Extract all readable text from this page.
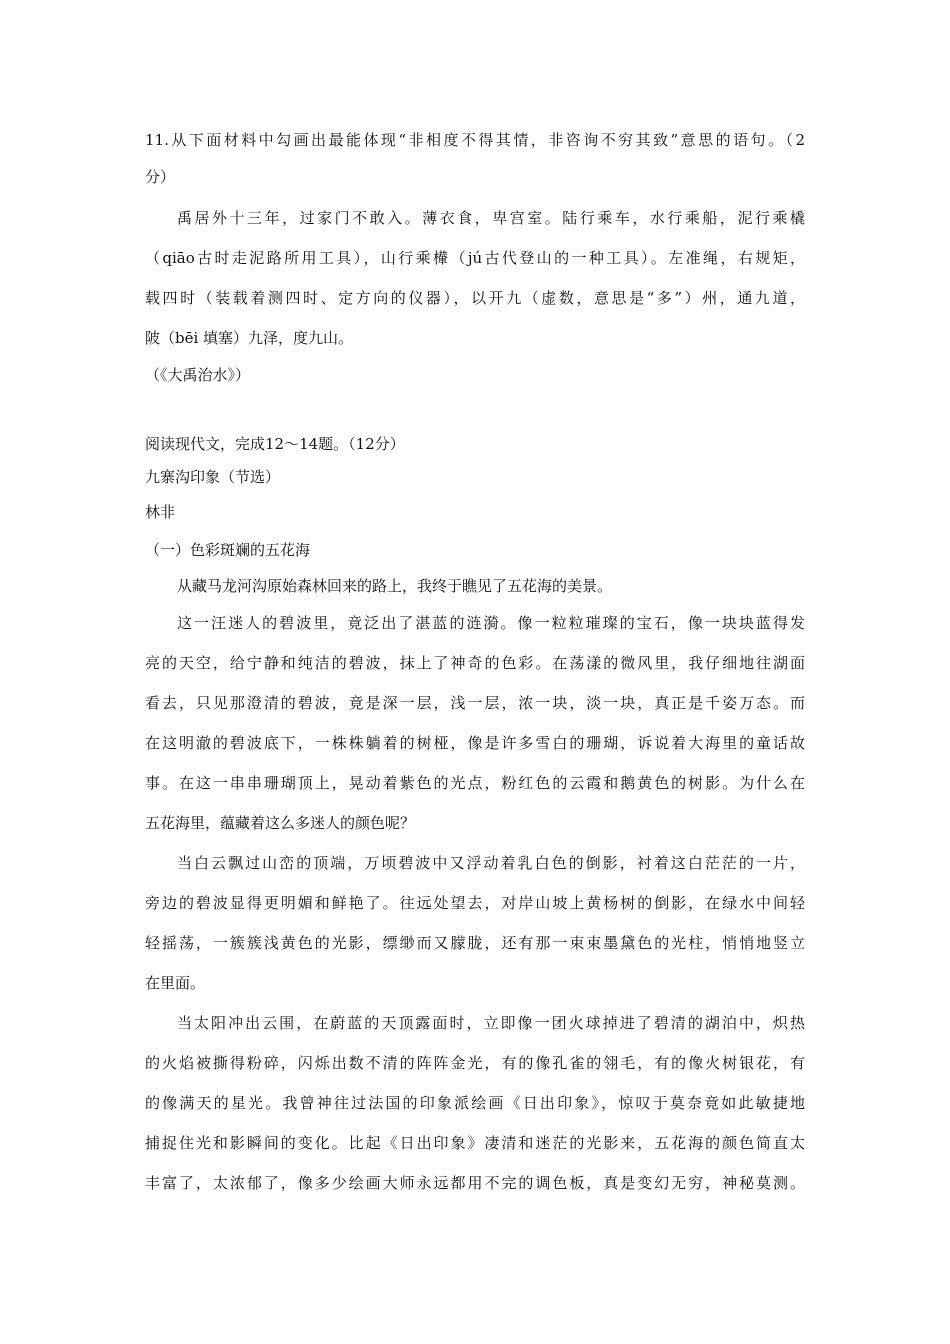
11.从下面材料中勾画出最能体现“非相度不得其情，非咨询不穷其致”意思的语句。（2
分）
禹居外十三年，过家门不敢入。薄衣食，卑宫室。陆行乘车，水行乘船，泥行乘橇
（qiāo古时走泥路所用工具），山行乘檋（jú古代登山的一种工具）。左准绳，右规矩，
载四时（装载着测四时、定方向的仪器），以开九（虚数，意思是“多”）州，通九道，
陂（bēi 填塞）九泽，度九山。
（《大禹治水》）
阅读现代文，完成12～14题。（12分）
九寨沟印象（节选）
林非
（一）色彩斑斓的五花海
从藏马龙河沟原始森林回来的路上，我终于瞧见了五花海的美景。
这一汪迷人的碧波里，竟泛出了湛蓝的涟漪。像一粒粒璀璨的宝石，像一块块蓝得发
亮的天空，给宁静和纯洁的碧波，抹上了神奇的色彩。在荡漾的微风里，我仔细地往湖面
看去，只见那澄清的碧波，竟是深一层，浅一层，浓一块，淡一块，真正是千姿万态。而
在这明澈的碧波底下，一株株躺着的树桠，像是许多雪白的珊瑚，诉说着大海里的童话故
事。在这一串串珊瑚顶上，晃动着紫色的光点，粉红色的云霞和鹅黄色的树影。为什么在
五花海里，蕴藏着这么多迷人的颜色呢？
当白云飘过山峦的顶端，万顷碧波中又浮动着乳白色的倒影，衬着这白茫茫的一片，
旁边的碧波显得更明媚和鲜艳了。往远处望去，对岸山坡上黄杨树的倒影，在绿水中间轻
轻摇荡，一簇簇浅黄色的光影，缥缈而又朦胧，还有那一束束墨黛色的光柱，悄悄地竖立
在里面。
当太阳冲出云围，在蔚蓝的天顶露面时，立即像一团火球掉进了碧清的湖泊中，炽热
的火焰被撕得粉碎，闪烁出数不清的阵阵金光，有的像孔雀的翎毛，有的像火树银花，有
的像满天的星光。我曾神往过法国的印象派绘画《日出印象》，惊叹于莫奈竟如此敏捷地
捕捉住光和影瞬间的变化。比起《日出印象》凄清和迷茫的光影来，五花海的颜色简直太
丰富了，太浓郁了，像多少绘画大师永远都用不完的调色板，真是变幻无穷，神秘莫测。
